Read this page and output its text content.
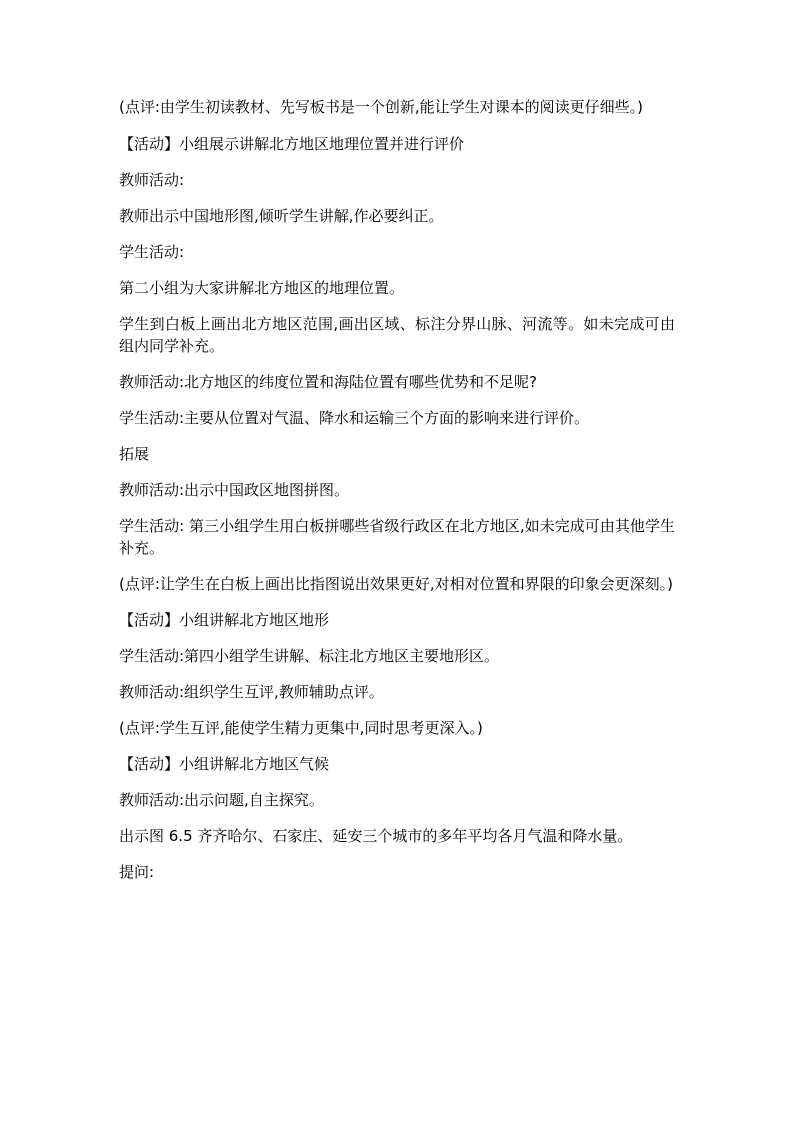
(点评:由学生初读教材、先写板书是一个创新,能让学生对课本的阅读更仔细些。)

【活动】小组展示讲解北方地区地理位置并进行评价

教师活动:

教师出示中国地形图,倾听学生讲解,作必要纠正。

学生活动:

第二小组为大家讲解北方地区的地理位置。

学生到白板上画出北方地区范围,画出区域、标注分界山脉、河流等。如未完成可由组内同学补充。

教师活动:北方地区的纬度位置和海陆位置有哪些优势和不足呢?

学生活动:主要从位置对气温、降水和运输三个方面的影响来进行评价。

拓展

教师活动:出示中国政区地图拼图。

学生活动: 第三小组学生用白板拼哪些省级行政区在北方地区,如未完成可由其他学生补充。

(点评:让学生在白板上画出比指图说出效果更好,对相对位置和界限的印象会更深刻。)

【活动】小组讲解北方地区地形

学生活动:第四小组学生讲解、标注北方地区主要地形区。

教师活动:组织学生互评,教师辅助点评。

(点评:学生互评,能使学生精力更集中,同时思考更深入。)

【活动】小组讲解北方地区气候

教师活动:出示问题,自主探究。

出示图 6.5 齐齐哈尔、石家庄、延安三个城市的多年平均各月气温和降水量。

提问:
